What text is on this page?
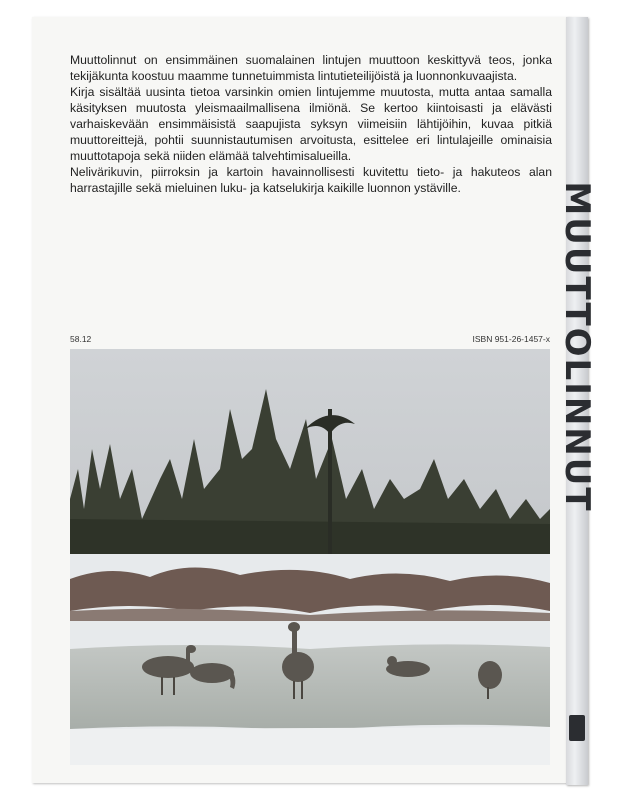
Muuttolinnut on ensimmäinen suomalainen lintujen muuttoon keskittyvä teos, jonka tekijäkunta koostuu maamme tunnetuimmista lintutieteilijöistä ja luonnonkuvaajista.

Kirja sisältää uusinta tietoa varsinkin omien lintujemme muutosta, mutta antaa samalla käsityksen muutosta yleismaailmallisena ilmiönä. Se kertoo kiintoisasti ja elävästi varhaiskevään ensimmäisistä saapujista syksyn viimeisiin lähtijöihin, kuvaa pitkiä muuttoreittejä, pohtii suunnistautumisen arvoitusta, esittelee eri lintulajeille ominaisia muuttotapoja sekä niiden elämää talvehtimisalueilla.

Nelivärikuvin, piirroksin ja kartoin havainnollisesti kuvitettu tieto- ja hakuteos alan harrastajille sekä mieluinen luku- ja katselukirja kaikille luonnon ystäville.

58.12	ISBN 951-26-1457-x MUUTTOLINNUT
